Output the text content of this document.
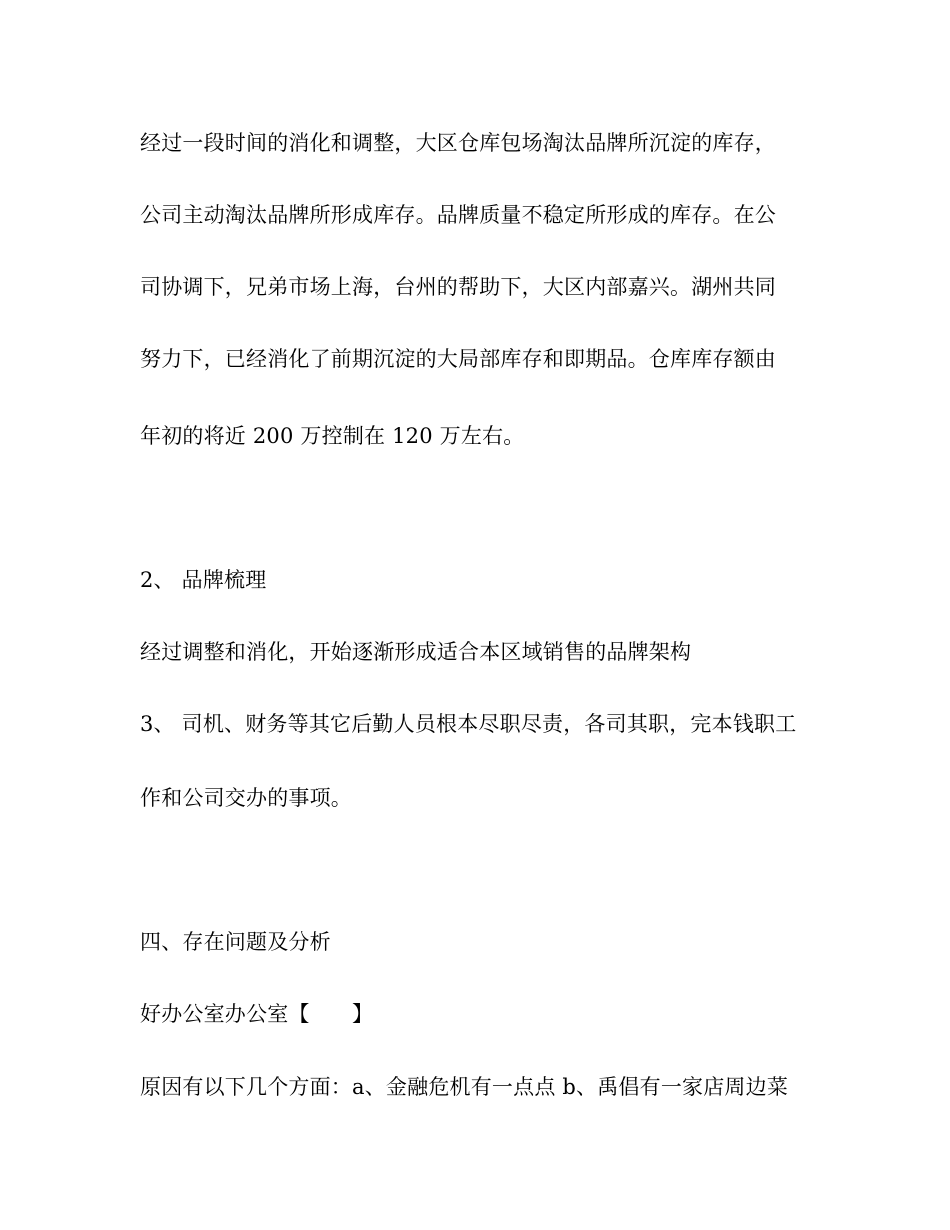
经过一段时间的消化和调整，大区仓库包场淘汰品牌所沉淀的库存，
公司主动淘汰品牌所形成库存。品牌质量不稳定所形成的库存。在公
司协调下，兄弟市场上海，台州的帮助下，大区内部嘉兴。湖州共同
努力下，已经消化了前期沉淀的大局部库存和即期品。仓库库存额由
年初的将近 200 万控制在 120 万左右。
2、 品牌梳理
经过调整和消化，开始逐渐形成适合本区域销售的品牌架构
3、 司机、财务等其它后勤人员根本尽职尽责，各司其职，完本钱职工
作和公司交办的事项。
四、存在问题及分析
好办公室办公室【　　】
原因有以下几个方面：a、金融危机有一点点 b、禹倡有一家店周边菜
